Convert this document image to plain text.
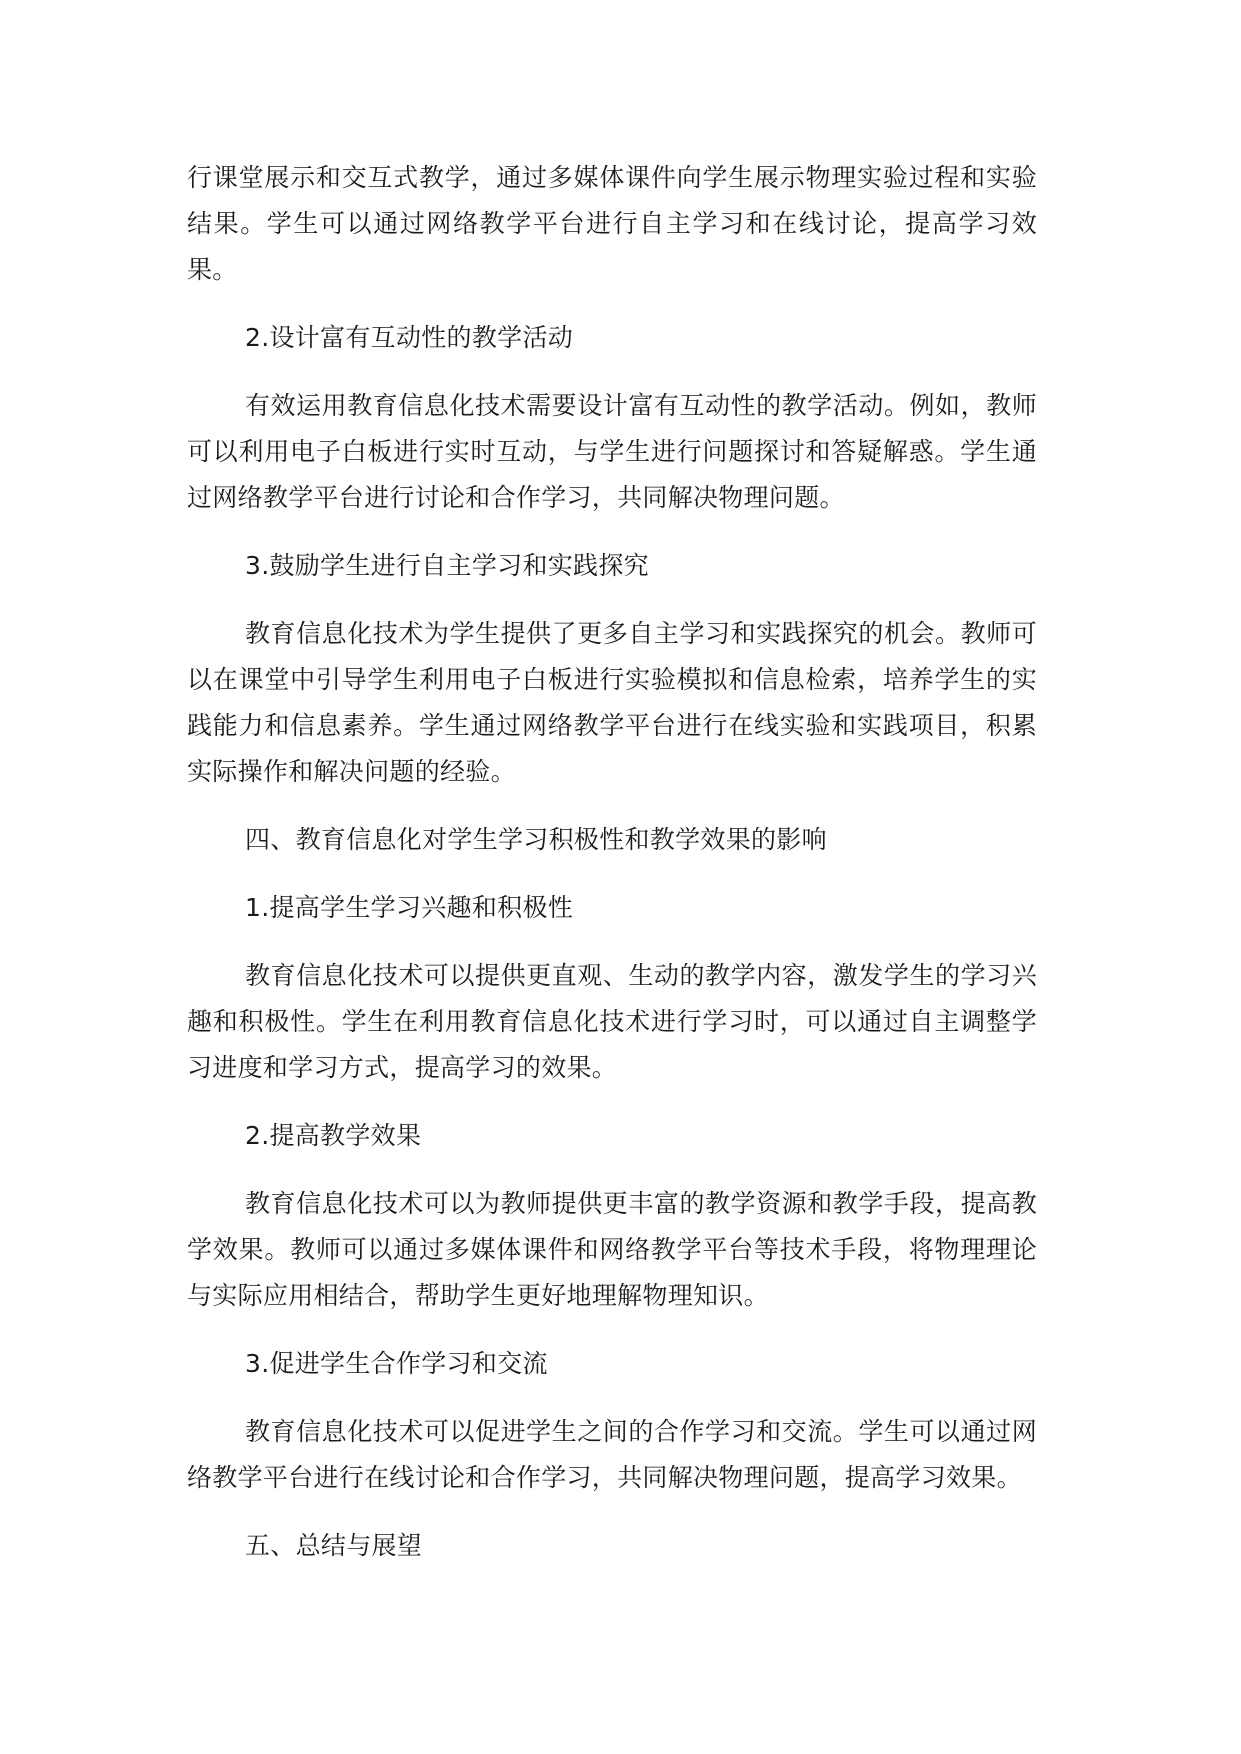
行课堂展示和交互式教学，通过多媒体课件向学生展示物理实验过程和实验结果。学生可以通过网络教学平台进行自主学习和在线讨论，提高学习效果。

2.设计富有互动性的教学活动

有效运用教育信息化技术需要设计富有互动性的教学活动。例如，教师可以利用电子白板进行实时互动，与学生进行问题探讨和答疑解惑。学生通过网络教学平台进行讨论和合作学习，共同解决物理问题。

3.鼓励学生进行自主学习和实践探究

教育信息化技术为学生提供了更多自主学习和实践探究的机会。教师可以在课堂中引导学生利用电子白板进行实验模拟和信息检索，培养学生的实践能力和信息素养。学生通过网络教学平台进行在线实验和实践项目，积累实际操作和解决问题的经验。

四、教育信息化对学生学习积极性和教学效果的影响

1.提高学生学习兴趣和积极性

教育信息化技术可以提供更直观、生动的教学内容，激发学生的学习兴趣和积极性。学生在利用教育信息化技术进行学习时，可以通过自主调整学习进度和学习方式，提高学习的效果。

2.提高教学效果

教育信息化技术可以为教师提供更丰富的教学资源和教学手段，提高教学效果。教师可以通过多媒体课件和网络教学平台等技术手段，将物理理论与实际应用相结合，帮助学生更好地理解物理知识。

3.促进学生合作学习和交流

教育信息化技术可以促进学生之间的合作学习和交流。学生可以通过网络教学平台进行在线讨论和合作学习，共同解决物理问题，提高学习效果。

五、总结与展望
